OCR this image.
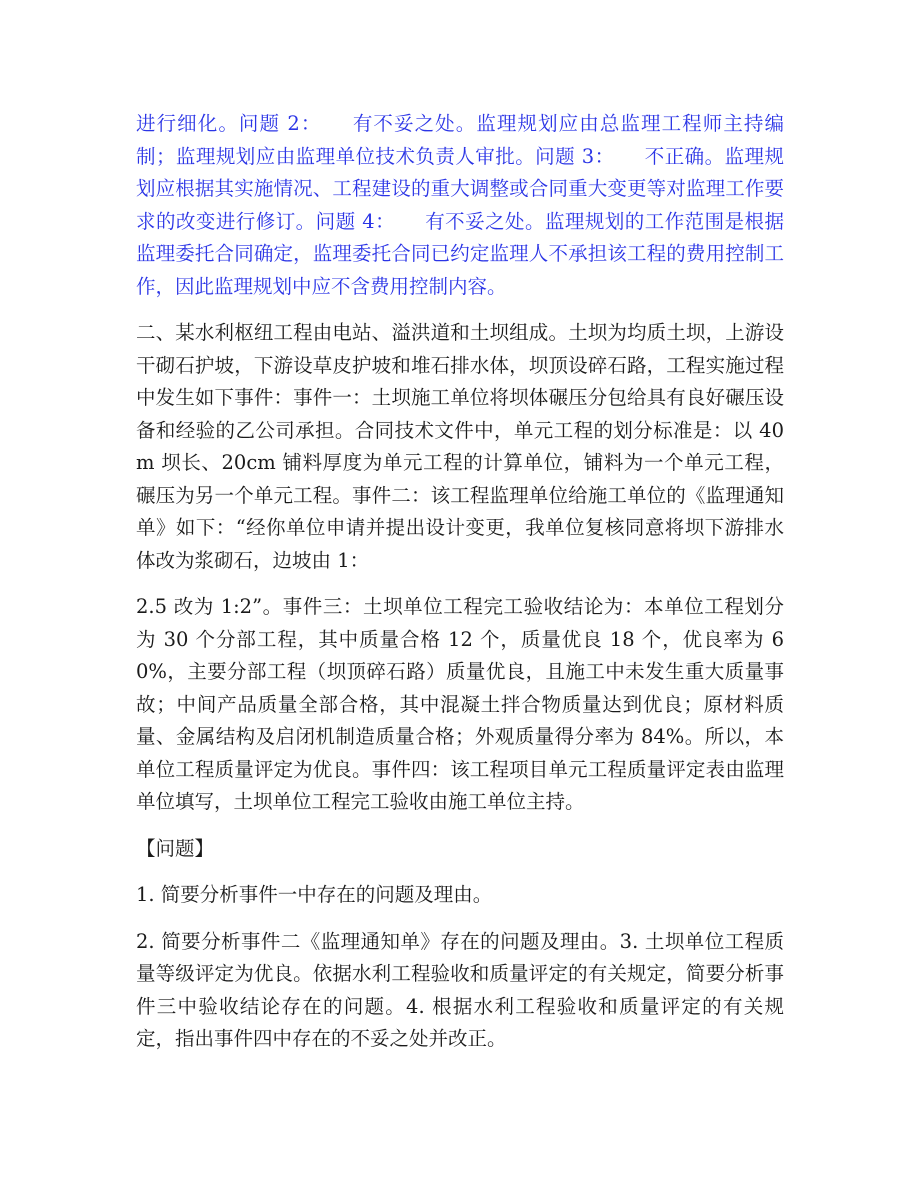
进行细化。问题 2：　　有不妥之处。监理规划应由总监理工程师主持编制；监理规划应由监理单位技术负责人审批。问题 3：　　不正确。监理规划应根据其实施情况、工程建设的重大调整或合同重大变更等对监理工作要求的改变进行修订。问题 4：　　有不妥之处。监理规划的工作范围是根据监理委托合同确定，监理委托合同已约定监理人不承担该工程的费用控制工作，因此监理规划中应不含费用控制内容。

二、某水利枢纽工程由电站、溢洪道和土坝组成。土坝为均质土坝，上游设干砌石护坡，下游设草皮护坡和堆石排水体，坝顶设碎石路，工程实施过程中发生如下事件：事件一：土坝施工单位将坝体碾压分包给具有良好碾压设备和经验的乙公司承担。合同技术文件中，单元工程的划分标准是：以 40m 坝长、20cm 铺料厚度为单元工程的计算单位，铺料为一个单元工程，碾压为另一个单元工程。事件二：该工程监理单位给施工单位的《监理通知单》如下：“经你单位申请并提出设计变更，我单位复核同意将坝下游排水体改为浆砌石，边坡由 1：

2.5 改为 1:2”。事件三：土坝单位工程完工验收结论为：本单位工程划分为 30 个分部工程，其中质量合格 12 个，质量优良 18 个，优良率为 60%，主要分部工程（坝顶碎石路）质量优良，且施工中未发生重大质量事故；中间产品质量全部合格，其中混凝土拌合物质量达到优良；原材料质量、金属结构及启闭机制造质量合格；外观质量得分率为 84%。所以，本单位工程质量评定为优良。事件四：该工程项目单元工程质量评定表由监理单位填写，土坝单位工程完工验收由施工单位主持。

【问题】

1. 简要分析事件一中存在的问题及理由。

2. 简要分析事件二《监理通知单》存在的问题及理由。3. 土坝单位工程质量等级评定为优良。依据水利工程验收和质量评定的有关规定，简要分析事件三中验收结论存在的问题。4. 根据水利工程验收和质量评定的有关规定，指出事件四中存在的不妥之处并改正。
